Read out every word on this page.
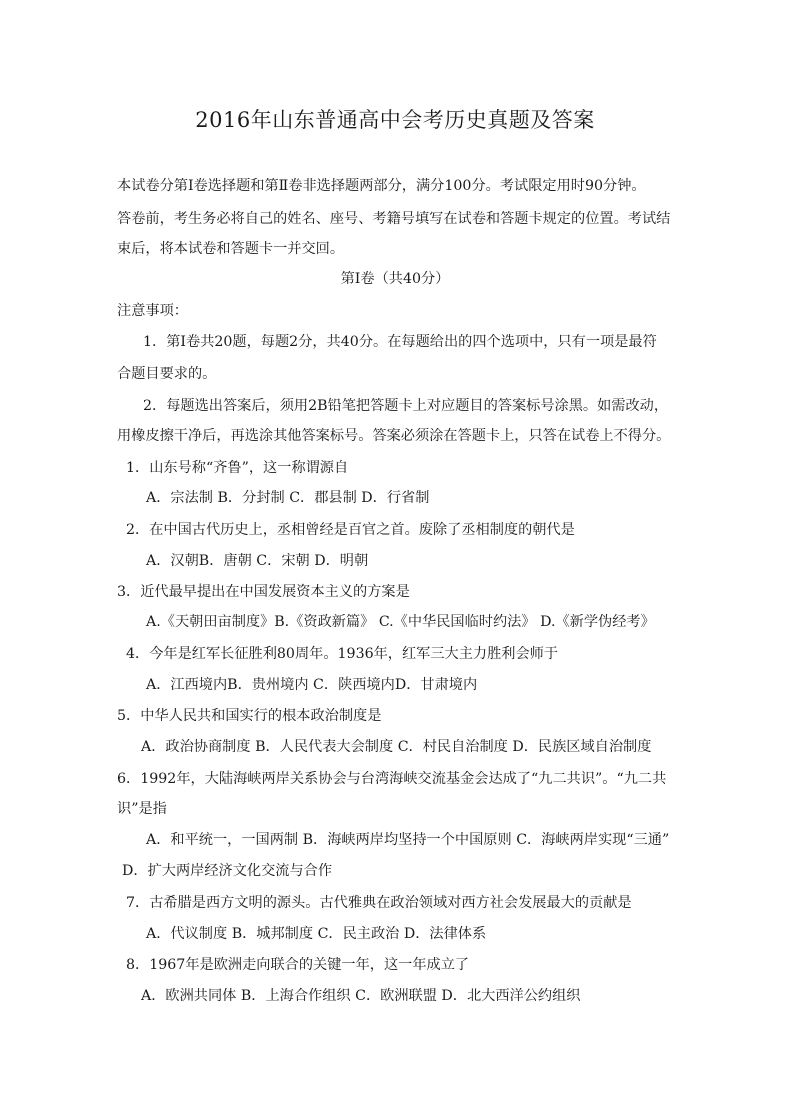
2016年山东普通高中会考历史真题及答案
本试卷分第Ⅰ卷选择题和第Ⅱ卷非选择题两部分，满分100分。考试限定用时90分钟。
答卷前，考生务必将自己的姓名、座号、考籍号填写在试卷和答题卡规定的位置。考试结
束后，将本试卷和答题卡一并交回。
第Ⅰ卷（共40分）
注意事项：
1．第Ⅰ卷共20题，每题2分，共40分。在每题给出的四个选项中，只有一项是最符
合题目要求的。
2．每题选出答案后，须用2B铅笔把答题卡上对应题目的答案标号涂黑。如需改动，
用橡皮擦干净后，再选涂其他答案标号。答案必须涂在答题卡上，只答在试卷上不得分。
1．山东号称“齐鲁”，这一称谓源自
A．宗法制 B．分封制 C．郡县制 D．行省制
2．在中国古代历史上，丞相曾经是百官之首。废除了丞相制度的朝代是
A．汉朝B．唐朝 C．宋朝 D．明朝
3．近代最早提出在中国发展资本主义的方案是
A.《天朝田亩制度》B.《资政新篇》 C.《中华民国临时约法》 D.《新学伪经考》
4．今年是红军长征胜利80周年。1936年，红军三大主力胜利会师于
A．江西境内B．贵州境内 C．陕西境内D．甘肃境内
5．中华人民共和国实行的根本政治制度是
A．政治协商制度 B．人民代表大会制度 C．村民自治制度 D．民族区域自治制度
6．1992年，大陆海峡两岸关系协会与台湾海峡交流基金会达成了“九二共识”。“九二共
识”是指
A．和平统一，一国两制 B．海峡两岸均坚持一个中国原则 C．海峡两岸实现“三通”
D．扩大两岸经济文化交流与合作
7．古希腊是西方文明的源头。古代雅典在政治领域对西方社会发展最大的贡献是
A．代议制度 B．城邦制度 C．民主政治 D．法律体系
8．1967年是欧洲走向联合的关键一年，这一年成立了
A．欧洲共同体 B．上海合作组织 C．欧洲联盟 D．北大西洋公约组织
